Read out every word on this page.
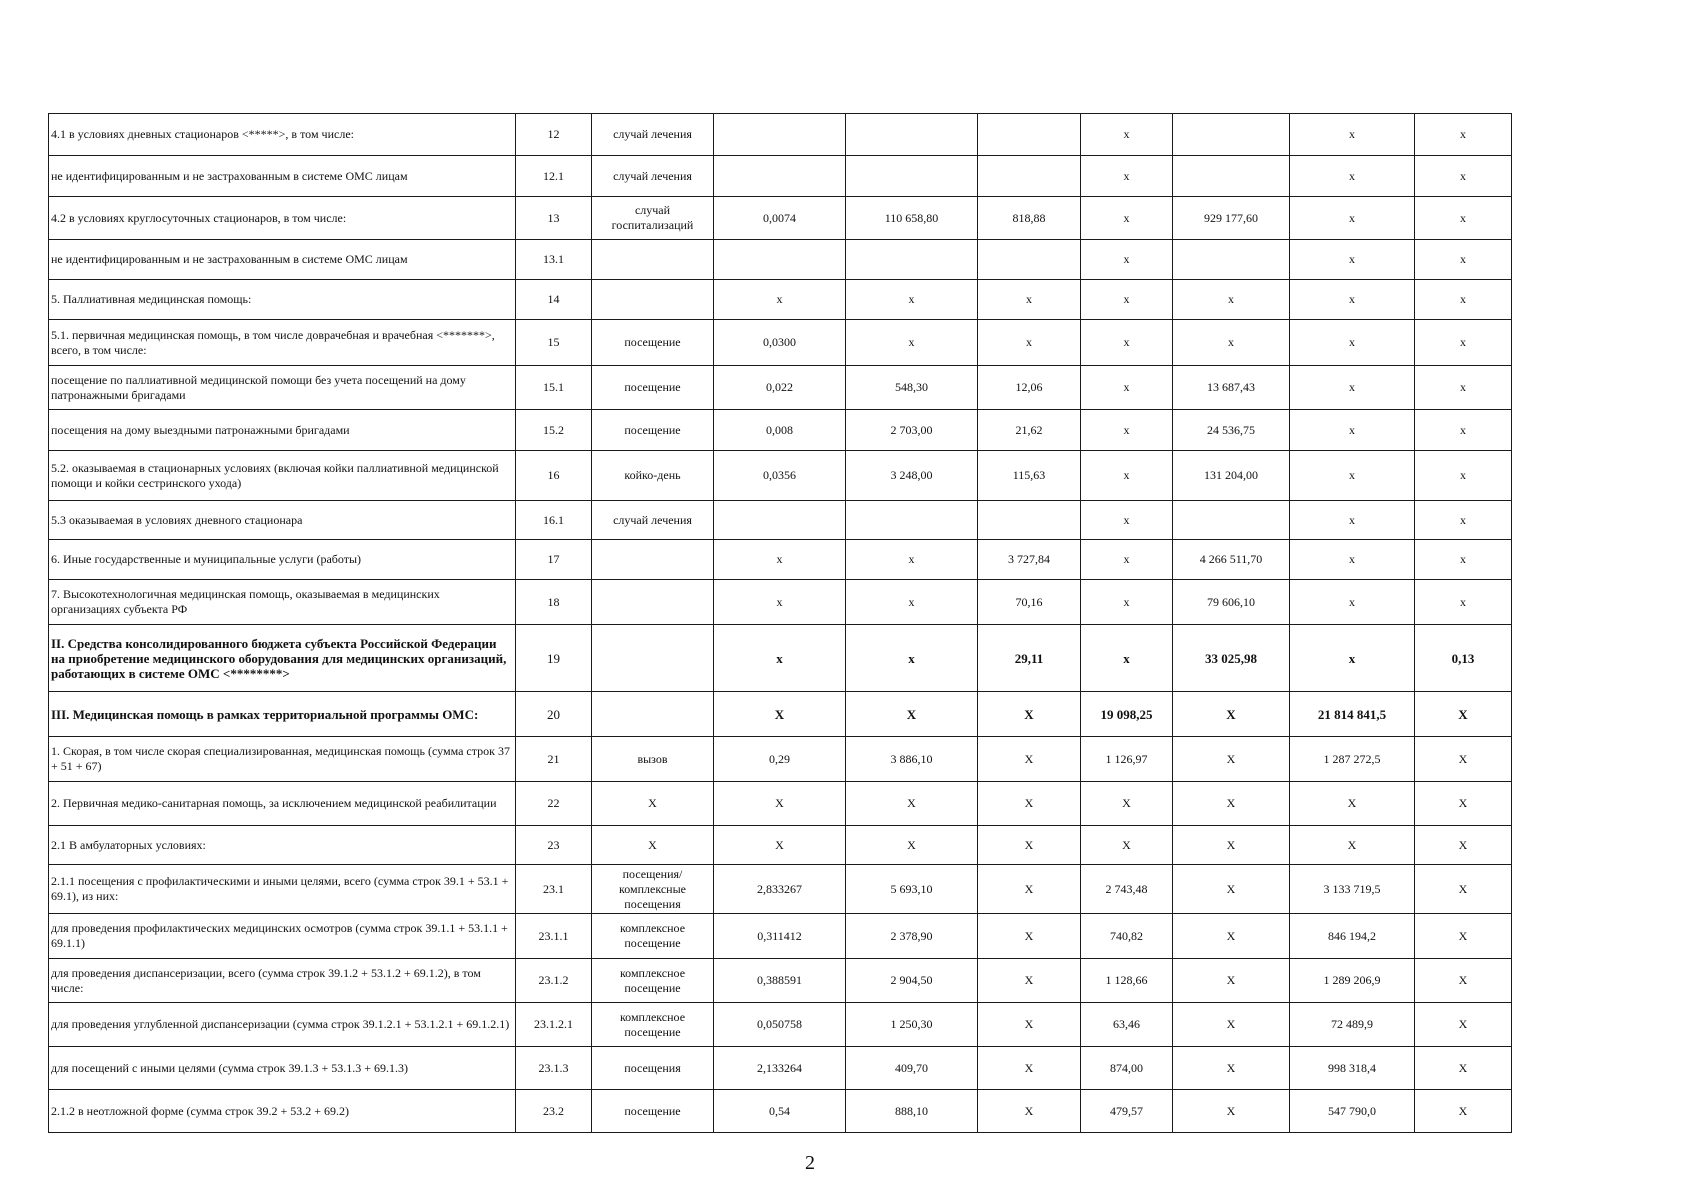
4.1 в условиях дневных стационаров <*****>, в том числе:	12	случай лечения				x		x	x
не идентифицированным и не застрахованным в системе ОМС лицам	12.1	случай лечения				x		x	x
4.2 в условиях круглосуточных стационаров, в том числе:	13	случай госпитализаций	0,0074	110 658,80	818,88	x	929 177,60	x	x
не идентифицированным и не застрахованным в системе ОМС лицам	13.1					x		x	x
5. Паллиативная медицинская помощь:	14		x	x	x	x	x	x	x
5.1. первичная медицинская помощь, в том числе доврачебная и врачебная <*******>, всего, в том числе:	15	посещение	0,0300	x	x	x	x	x	x
посещение по паллиативной медицинской помощи без учета посещений на дому патронажными бригадами	15.1	посещение	0,022	548,30	12,06	x	13 687,43	x	x
посещения на дому выездными патронажными бригадами	15.2	посещение	0,008	2 703,00	21,62	x	24 536,75	x	x
5.2. оказываемая в стационарных условиях (включая койки паллиативной медицинской помощи и койки сестринского ухода)	16	койко-день	0,0356	3 248,00	115,63	x	131 204,00	x	x
5.3 оказываемая в условиях дневного стационара	16.1	случай лечения				x		x	x
6. Иные государственные и муниципальные услуги (работы)	17		x	x	3 727,84	x	4 266 511,70	x	x
7. Высокотехнологичная медицинская помощь, оказываемая в медицинских организациях субъекта РФ	18		x	x	70,16	x	79 606,10	x	x
II. Средства консолидированного бюджета субъекта Российской Федерации на приобретение медицинского оборудования для медицинских организаций, работающих в системе ОМС <********>	19		x	x	29,11	x	33 025,98	x	0,13
III. Медицинская помощь в рамках территориальной программы ОМС:	20		X	X	X	19 098,25	X	21 814 841,5	X
1. Скорая, в том числе скорая специализированная, медицинская помощь (сумма строк 37 + 51 + 67)	21	вызов	0,29	3 886,10	X	1 126,97	X	1 287 272,5	X
2. Первичная медико-санитарная помощь, за исключением медицинской реабилитации	22	X	X	X	X	X	X	X	X
2.1 В амбулаторных условиях:	23	X	X	X	X	X	X	X	X
2.1.1 посещения с профилактическими и иными целями, всего (сумма строк 39.1 + 53.1 + 69.1), из них:	23.1	посещения/ комплексные посещения	2,833267	5 693,10	X	2 743,48	X	3 133 719,5	X
для проведения профилактических медицинских осмотров (сумма строк 39.1.1 + 53.1.1 + 69.1.1)	23.1.1	комплексное посещение	0,311412	2 378,90	X	740,82	X	846 194,2	X
для проведения диспансеризации, всего (сумма строк 39.1.2 + 53.1.2 + 69.1.2), в том числе:	23.1.2	комплексное посещение	0,388591	2 904,50	X	1 128,66	X	1 289 206,9	X
для проведения углубленной диспансеризации (сумма строк 39.1.2.1 + 53.1.2.1 + 69.1.2.1)	23.1.2.1	комплексное посещение	0,050758	1 250,30	X	63,46	X	72 489,9	X
для посещений с иными целями (сумма строк 39.1.3 + 53.1.3 + 69.1.3)	23.1.3	посещения	2,133264	409,70	X	874,00	X	998 318,4	X
2.1.2 в неотложной форме (сумма строк 39.2 + 53.2 + 69.2)	23.2	посещение	0,54	888,10	X	479,57	X	547 790,0	X
2
